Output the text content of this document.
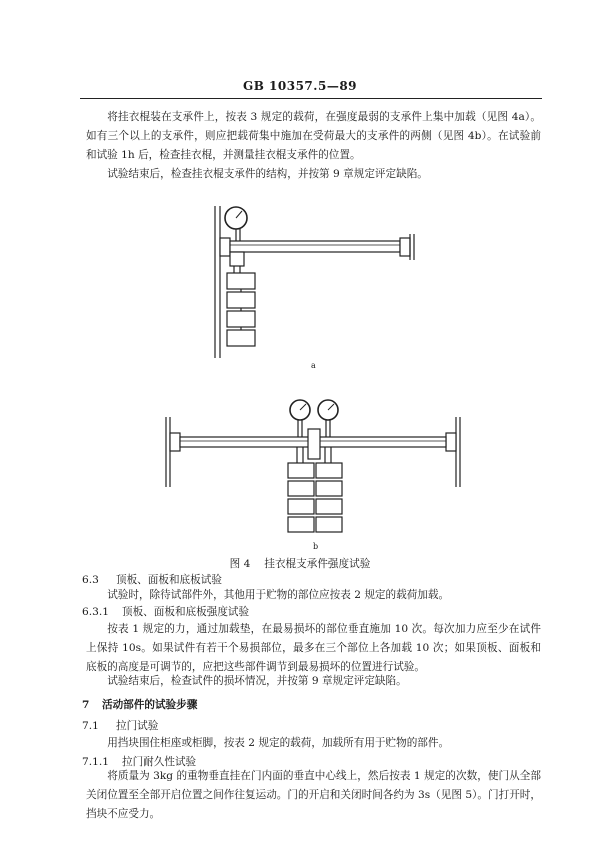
GB 10357.5—89

将挂衣棍装在支承件上，按表 3 规定的载荷，在强度最弱的支承件上集中加载（见图 4a）。如有三个以上的支承件，则应把载荷集中施加在受荷最大的支承件的两侧（见图 4b）。在试验前和试验 1h 后，检查挂衣棍，并测量挂衣棍支承件的位置。

试验结束后，检查挂衣棍支承件的结构，并按第 9 章规定评定缺陷。

a
b

图 4 挂衣棍支承件强度试验

6.3 顶板、面板和底板试验

试验时，除待试部件外，其他用于贮物的部位应按表 2 规定的载荷加载。

6.3.1 顶板、面板和底板强度试验

按表 1 规定的力，通过加载垫，在最易损坏的部位垂直施加 10 次。每次加力应至少在试件上保持 10s。如果试件有若干个易损部位，最多在三个部位上各加载 10 次；如果顶板、面板和底板的高度是可调节的，应把这些部件调节到最易损坏的位置进行试验。

试验结束后，检查试件的损坏情况，并按第 9 章规定评定缺陷。

7 活动部件的试验步骤

7.1 拉门试验

用挡块围住柜座或柜脚，按表 2 规定的载荷，加载所有用于贮物的部件。

7.1.1 拉门耐久性试验

将质量为 3kg 的重物垂直挂在门内面的垂直中心线上，然后按表 1 规定的次数，使门从全部关闭位置至全部开启位置之间作往复运动。门的开启和关闭时间各约为 3s（见图 5）。门打开时，挡块不应受力。
